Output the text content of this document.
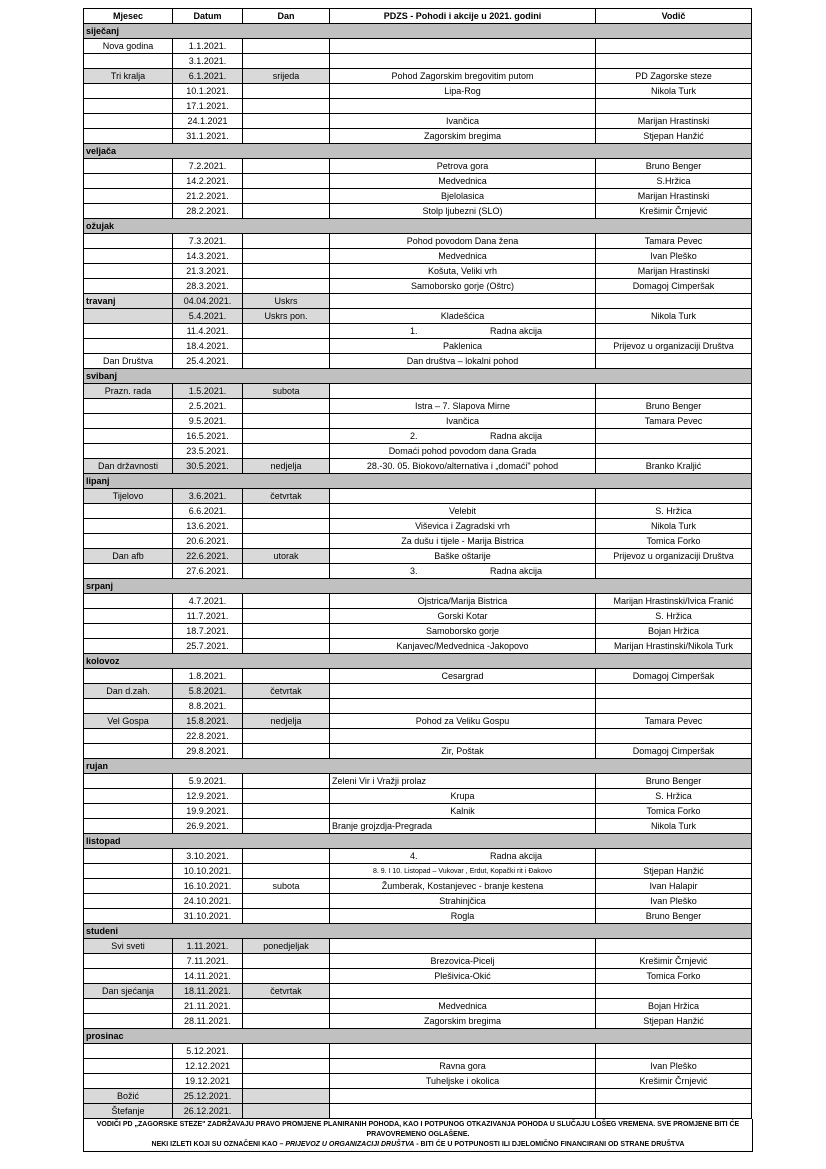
Mjesec	Datum	Dan	PDZS - Pohodi i akcije u 2021. godini	Vodič
siječanj				
Nova godina	1.1.2021.			
	3.1.2021.			
Tri kralja	6.1.2021.	srijeda	Pohod Zagorskim bregovitim putom	PD Zagorske steze
	10.1.2021.		Lipa-Rog	Nikola Turk
	17.1.2021.			
	24.1.2021		Ivančica	Marijan Hrastinski
	31.1.2021.		Zagorskim bregima	Stjepan Hanžić
veljača				
	7.2.2021.		Petrova gora	Bruno Benger
	14.2.2021.		Medvednica	S.Hržica
	21.2.2021.		Bjelolasica	Marijan Hrastinski
	28.2.2021.		Stolp ljubezni (SLO)	Krešimir Črnjević
ožujak				
	7.3.2021.		Pohod povodom Dana žena	Tamara Pevec
	14.3.2021.		Medvednica	Ivan Pleško
	21.3.2021.		Košuta, Veliki vrh	Marijan Hrastinski
	28.3.2021.		Samoborsko gorje (Oštrc)	Domagoj Cimperšak
travanj	04.04.2021.	Uskrs		
	5.4.2021.	Uskrs pon.	Kladešćica	Nikola Turk
	11.4.2021.		1. Radna akcija	
	18.4.2021.		Paklenica	Prijevoz u organizaciji Društva
Dan Društva	25.4.2021.		Dan društva – lokalni pohod	
svibanj				
Prazn. rada	1.5.2021.	subota		
	2.5.2021.		Istra – 7. Slapova Mirne	Bruno Benger
	9.5.2021.		Ivančica	Tamara Pevec
	16.5.2021.		2. Radna akcija	
	23.5.2021.		Domaći pohod povodom dana Grada	
Dan državnosti	30.5.2021.	nedjelja	28.-30. 05. Biokovo/alternativa i „domaći" pohod	Branko Kraljić
lipanj				
Tijelovo	3.6.2021.	četvrtak		
	6.6.2021.		Velebit	S. Hržica
	13.6.2021.		Viševica i Zagradski vrh	Nikola Turk
	20.6.2021.		Za dušu i tijele - Marija Bistrica	Tomica Forko
Dan afb	22.6.2021.	utorak	Baške oštarije	Prijevoz u organizaciji Društva
	27.6.2021.		3. Radna akcija	
srpanj				
	4.7.2021.		Ojstrica/Marija Bistrica	Marijan Hrastinski/Ivica Franić
	11.7.2021.		Gorski Kotar	S. Hržica
	18.7.2021.		Samoborsko gorje	Bojan Hržica
	25.7.2021.		Kanjavec/Medvednica -Jakopovo	Marijan Hrastinski/Nikola Turk
kolovoz				
	1.8.2021.		Cesargrad	Domagoj Cimperšak
Dan d.zah.	5.8.2021.	četvrtak		
	8.8.2021.			
Vel Gospa	15.8.2021.	nedjelja	Pohod za Veliku Gospu	Tamara Pevec
	22.8.2021.			
	29.8.2021.		Zir, Poštak	Domagoj Cimperšak
rujan				
	5.9.2021.		Zeleni Vir i Vražji prolaz	Bruno Benger
	12.9.2021.		Krupa	S. Hržica
	19.9.2021.		Kalnik	Tomica Forko
	26.9.2021.		Branje grojzdja-Pregrada	Nikola Turk
listopad				
	3.10.2021.		4. Radna akcija	
	10.10.2021.		8. 9. I 10. Listopad – Vukovar , Erdut, Kopački rit i Đakovo	Stjepan Hanžić
	16.10.2021.	subota	Žumberak, Kostanjevec - branje kestena	Ivan Halapir
	24.10.2021.		Strahinjčica	Ivan Pleško
	31.10.2021.		Rogla	Bruno Benger
studeni				
Svi sveti	1.11.2021.	ponedjeljak		
	7.11.2021.		Brezovica-Picelj	Krešimir Črnjević
	14.11.2021.		Plešivica-Okić	Tomica Forko
Dan sjećanja	18.11.2021.	četvrtak		
	21.11.2021.		Medvednica	Bojan Hržica
	28.11.2021.		Zagorskim bregima	Stjepan Hanžić
prosinac				
	5.12.2021.			
	12.12.2021		Ravna gora	Ivan Pleško
	19.12.2021		Tuheljske i okolica	Krešimir Črnjević
Božić	25.12.2021.			
Štefanje	26.12.2021.			
VODIČI PD „ZAGORSKE STEZE" ZADRŽAVAJU PRAVO PROMJENE PLANIRANIH POHODA, KAO I POTPUNOG OTKAZIVANJA POHODA U SLUČAJU LOŠEG VREMENA. SVE PROMJENE BITI ĆE PRAVOVREMENO OGLAŠENE.
NEKI IZLETI KOJI SU OZNAČENI KAO – PRIJEVOZ U ORGANIZACIJI DRUŠTVA - BITI ĆE U POTPUNOSTI ILI DJELOMIČNO FINANCIRANI OD STRANE DRUŠTVA
